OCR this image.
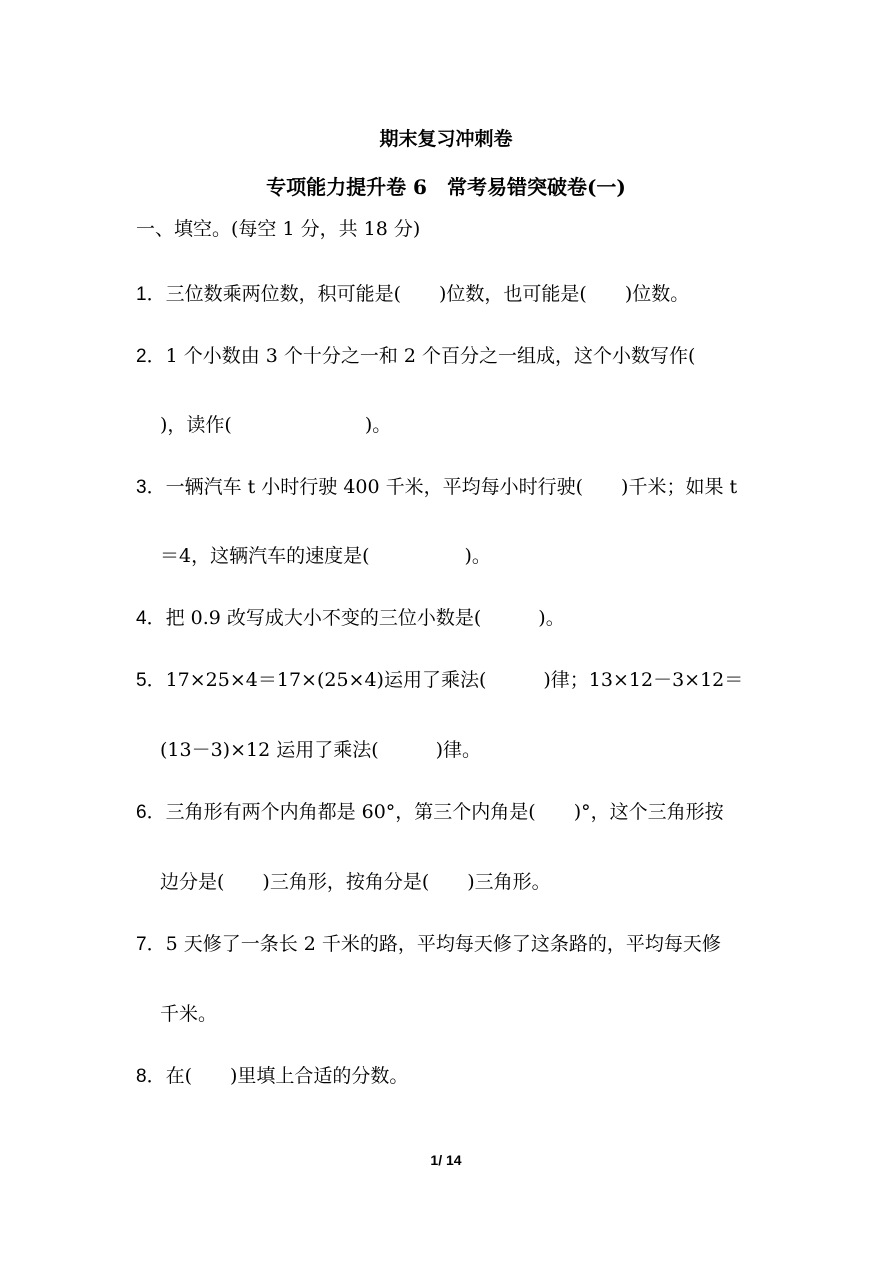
期末复习冲刺卷
专项能力提升卷 6　常考易错突破卷(一)
一、填空。(每空 1 分，共 18 分)
1．三位数乘两位数，积可能是(　　)位数，也可能是(　　)位数。
2．1 个小数由 3 个十分之一和 2 个百分之一组成，这个小数写作(
)，读作(　　　　　　　)。
3．一辆汽车 t 小时行驶 400 千米，平均每小时行驶(　　)千米；如果 t
＝4，这辆汽车的速度是(　　　　　)。
4．把 0.9 改写成大小不变的三位小数是(　　　)。
5．17×25×4＝17×(25×4)运用了乘法(　　　)律；13×12－3×12＝
(13－3)×12 运用了乘法(　　　)律。
6．三角形有两个内角都是 60°，第三个内角是(　　)°，这个三角形按
边分是(　　)三角形，按角分是(　　)三角形。
7．5 天修了一条长 2 千米的路，平均每天修了这条路的，平均每天修
千米。
8．在(　　)里填上合适的分数。
1/ 14
